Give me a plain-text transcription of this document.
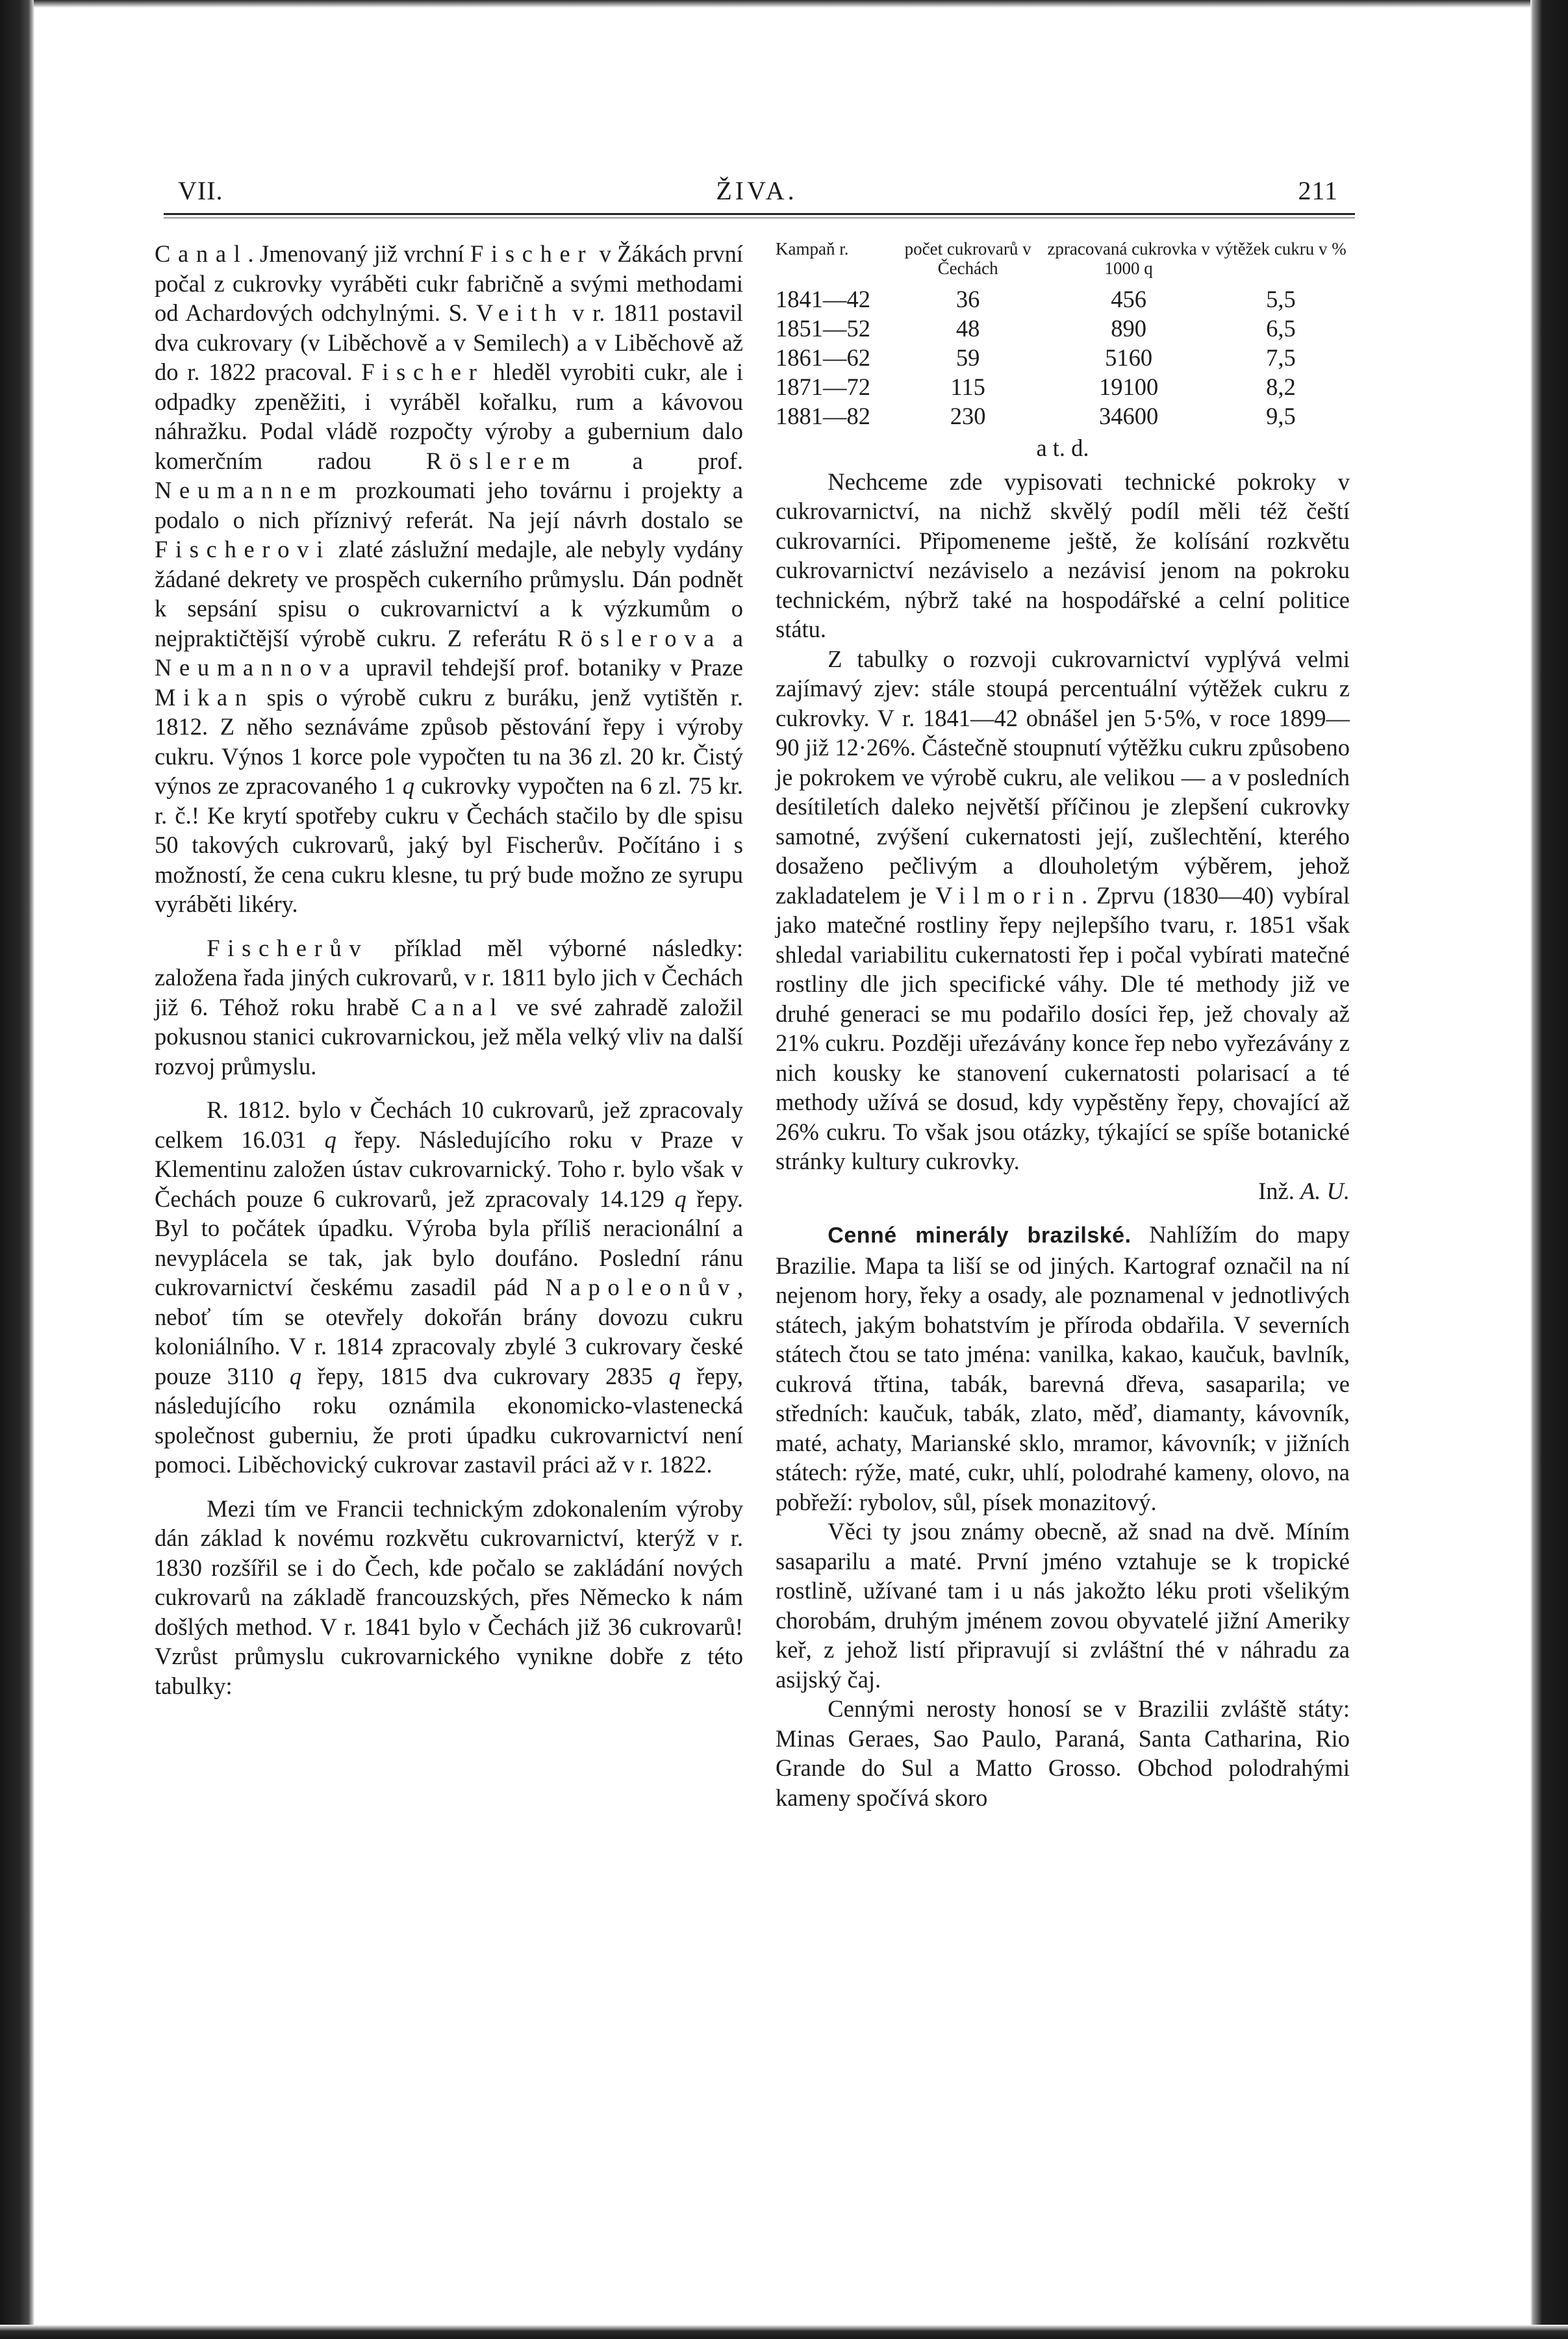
VII.	ŽIVA.	211

Canal. Jmenovaný již vrchní Fischer v Žákách první počal z cukrovky vyráběti cukr fabričně a svými methodami od Achardových odchylnými. S. Veith v r. 1811 postavil dva cukrovary (v Liběchově a v Semilech) a v Liběchově až do r. 1822 pracoval. Fischer hleděl vyrobiti cukr, ale i odpadky zpeněžiti, i vyráběl kořalku, rum a kávovou náhražku. Podal vládě rozpočty výroby a gubernium dalo komerčním radou Röslerem a prof. Neumannem prozkoumati jeho továrnu i projekty a podalo o nich příznivý referát. Na její návrh dostalo se Fischerovi zlaté záslužní medajle, ale nebyly vydány žádané dekrety ve prospěch cukerního průmyslu. Dán podnět k sepsání spisu o cukrovarnictví a k výzkumům o nejpraktičtější výrobě cukru. Z referátu Röslerova a Neumannova upravil tehdejší prof. botaniky v Praze Mikan spis o výrobě cukru z buráku, jenž vytištěn r. 1812. Z něho seznáváme způsob pěstování řepy i výroby cukru. Výnos 1 korce pole vypočten tu na 36 zl. 20 kr. Čistý výnos ze zpracovaného 1 q cukrovky vypočten na 6 zl. 75 kr. r. č.! Ke krytí spotřeby cukru v Čechách stačilo by dle spisu 50 takových cukrovarů, jaký byl Fischerův. Počítáno i s možností, že cena cukru klesne, tu prý bude možno ze syrupu vyráběti likéry.

Fischerův příklad měl výborné následky: založena řada jiných cukrovarů, v r. 1811 bylo jich v Čechách již 6. Téhož roku hrabě Canal ve své zahradě založil pokusnou stanici cukrovarnickou, jež měla velký vliv na další rozvoj průmyslu.

R. 1812. bylo v Čechách 10 cukrovarů, jež zpracovaly celkem 16.031 q řepy. Následujícího roku v Praze v Klementinu založen ústav cukrovarnický. Toho r. bylo však v Čechách pouze 6 cukrovarů, jež zpracovaly 14.129 q řepy. Byl to počátek úpadku. Výroba byla příliš neracionální a nevyplácela se tak, jak bylo doufáno. Poslední ránu cukrovarnictví českému zasadil pád Napoleonův, neboť tím se otevřely dokořán brány dovozu cukru koloniálního. V r. 1814 zpracovaly zbylé 3 cukrovary české pouze 3110 q řepy, 1815 dva cukrovary 2835 q řepy, následujícího roku oznámila ekonomicko-vlastenecká společnost guberniu, že proti úpadku cukrovarnictví není pomoci. Liběchovický cukrovar zastavil práci až v r. 1822.

Mezi tím ve Francii technickým zdokonalením výroby dán základ k novému rozkvětu cukrovarnictví, kterýž v r. 1830 rozšířil se i do Čech, kde počalo se zakládání nových cukrovarů na základě francouzských, přes Německo k nám došlých method. V r. 1841 bylo v Čechách již 36 cukrovarů! Vzrůst průmyslu cukrovarnického vynikne dobře z této tabulky:

Kampaň r.	počet cukrovarů v Čechách	zpracovaná cukrovka v 1000 q	výtěžek cukru v %
1841—42	36	456	5,5
1851—52	48	890	6,5
1861—62	59	5160	7,5
1871—72	115	19100	8,2
1881—82	230	34600	9,5
a t. d.

Nechceme zde vypisovati technické pokroky v cukrovarnictví, na nichž skvělý podíl měli též čeští cukrovarníci. Připomeneme ještě, že kolísání rozkvětu cukrovarnictví nezáviselo a nezávisí jenom na pokroku technickém, nýbrž také na hospodářské a celní politice státu.

Z tabulky o rozvoji cukrovarnictví vyplývá velmi zajímavý zjev: stále stoupá percentuální výtěžek cukru z cukrovky. V r. 1841—42 obnášel jen 5·5%, v roce 1899—90 již 12·26%. Částečně stoupnutí výtěžku cukru způsobeno je pokrokem ve výrobě cukru, ale velikou — a v posledních desítiletích daleko největší příčinou je zlepšení cukrovky samotné, zvýšení cukernatosti její, zušlechtění, kterého dosaženo pečlivým a dlouholetým výběrem, jehož zakladatelem je Vilmorin. Zprvu (1830—40) vybíral jako matečné rostliny řepy nejlepšího tvaru, r. 1851 však shledal variabilitu cukernatosti řep i počal vybírati matečné rostliny dle jich specifické váhy. Dle té methody již ve druhé generaci se mu podařilo dosíci řep, jež chovaly až 21% cukru. Později uřezávány konce řep nebo vyřezávány z nich kousky ke stanovení cukernatosti polarisací a té methody užívá se dosud, kdy vypěstěny řepy, chovající až 26% cukru. To však jsou otázky, týkající se spíše botanické stránky kultury cukrovky.

Inž. A. U.

Cenné minerály brazilské. Nahlížím do mapy Brazilie. Mapa ta liší se od jiných. Kartograf označil na ní nejenom hory, řeky a osady, ale poznamenal v jednotlivých státech, jakým bohatstvím je příroda obdařila. V severních státech čtou se tato jména: vanilka, kakao, kaučuk, bavlník, cukrová třtina, tabák, barevná dřeva, sasaparila; ve středních: kaučuk, tabák, zlato, měď, diamanty, kávovník, maté, achaty, Marianské sklo, mramor, kávovník; v jižních státech: rýže, maté, cukr, uhlí, polodrahé kameny, olovo, na pobřeží: rybolov, sůl, písek monazitový.

Věci ty jsou známy obecně, až snad na dvě. Míním sasaparilu a maté. První jméno vztahuje se k tropické rostlině, užívané tam i u nás jakožto léku proti všelikým chorobám, druhým jménem zovou obyvatelé jižní Ameriky keř, z jehož listí připravují si zvláštní thé v náhradu za asijský čaj.

Cennými nerosty honosí se v Brazilii zvláště státy: Minas Geraes, Sao Paulo, Paraná, Santa Catharina, Rio Grande do Sul a Matto Grosso. Obchod polodrahými kameny spočívá skoro
